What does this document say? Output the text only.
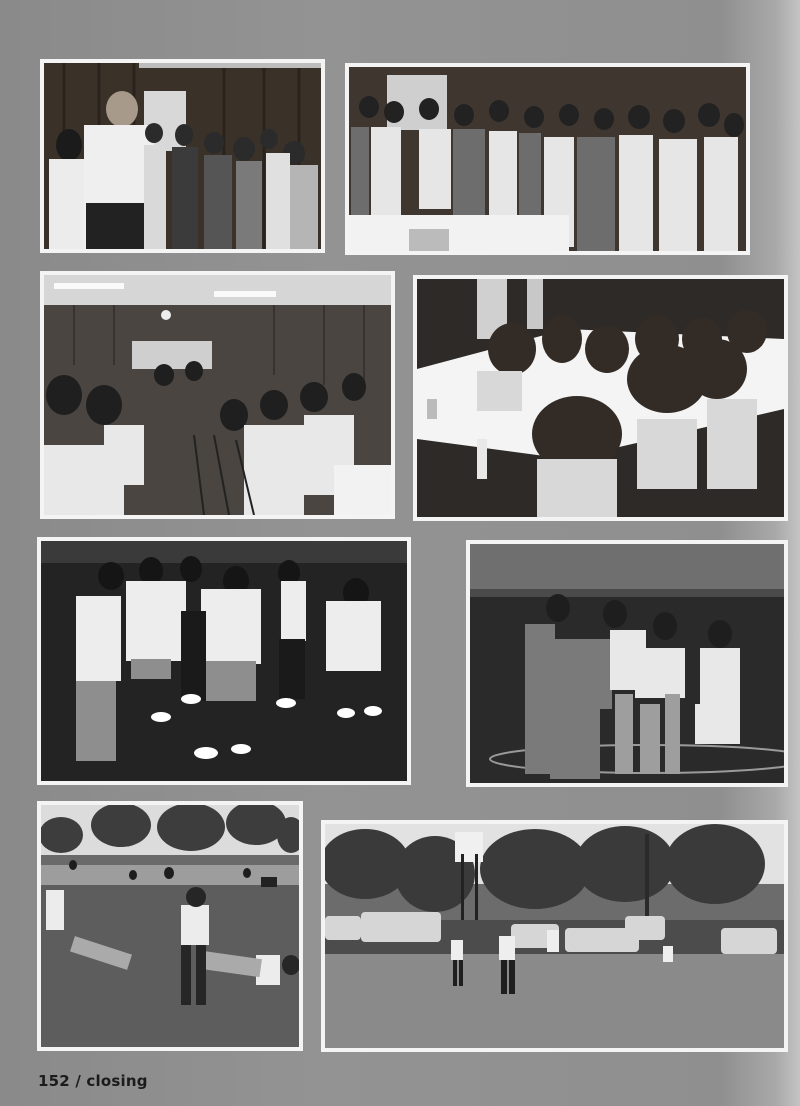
152 / closing
